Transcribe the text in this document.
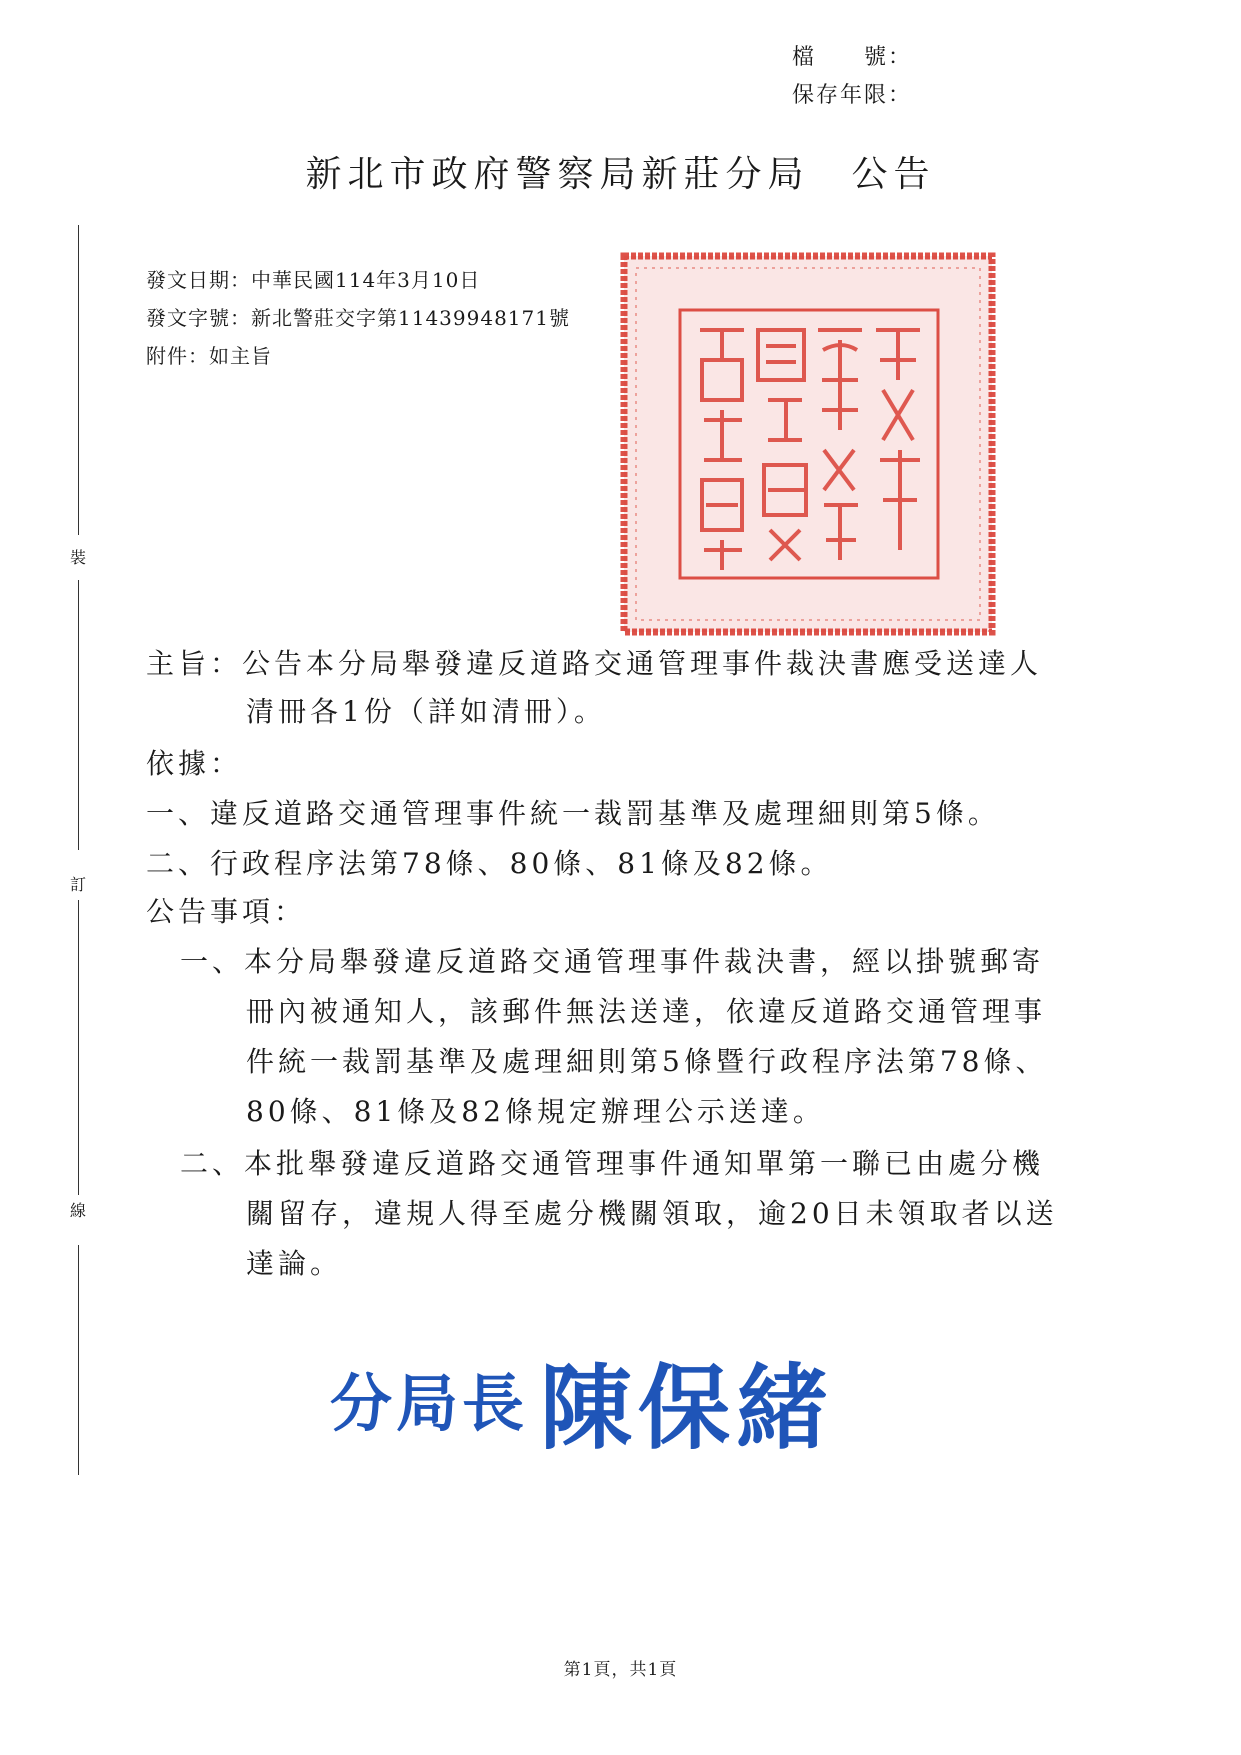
檔　　號：
保存年限：
新北市政府警察局新莊分局　公告
裝
訂
線
發文日期：中華民國114年3月10日
發文字號：新北警莊交字第11439948171號
附件：如主旨
主旨：公告本分局舉發違反道路交通管理事件裁決書應受送達人
清冊各1份（詳如清冊）。
依據：
一、違反道路交通管理事件統一裁罰基準及處理細則第5條。
二、行政程序法第78條、80條、81條及82條。
公告事項：
一、本分局舉發違反道路交通管理事件裁決書，經以掛號郵寄
冊內被通知人，該郵件無法送達，依違反道路交通管理事
件統一裁罰基準及處理細則第5條暨行政程序法第78條、
80條、81條及82條規定辦理公示送達。
二、本批舉發違反道路交通管理事件通知單第一聯已由處分機
關留存，違規人得至處分機關領取，逾20日未領取者以送
達論。
分局長 陳保緒
第1頁，共1頁
